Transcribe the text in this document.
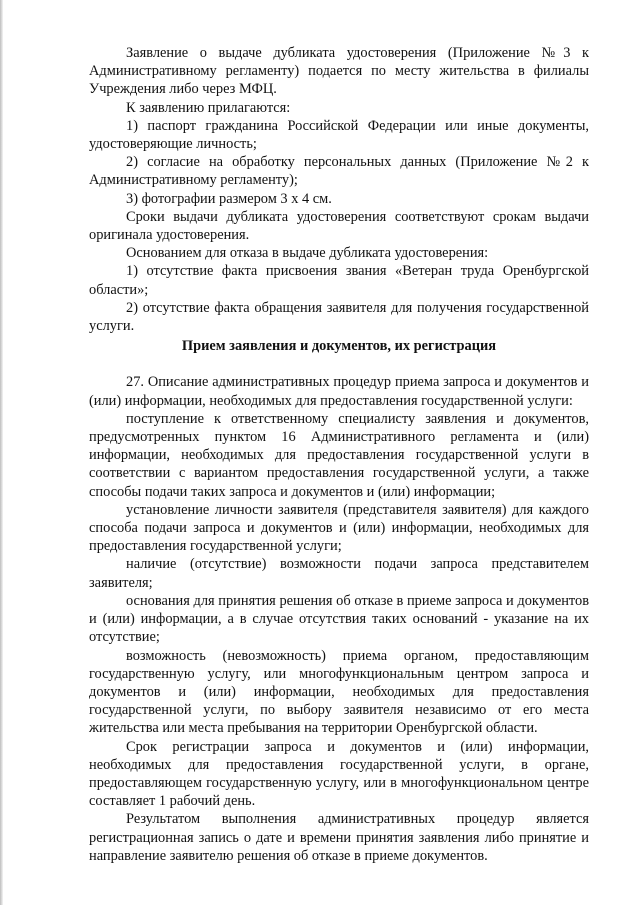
Заявление о выдаче дубликата удостоверения (Приложение №3 к Административному регламенту) подается по месту жительства в филиалы Учреждения либо через МФЦ.

К заявлению прилагаются:

1) паспорт гражданина Российской Федерации или иные документы, удостоверяющие личность;

2) согласие на обработку персональных данных (Приложение №2 к Административному регламенту);

3) фотографии размером 3 х 4 см.

Сроки выдачи дубликата удостоверения соответствуют срокам выдачи оригинала удостоверения.

Основанием для отказа в выдаче дубликата удостоверения:

1) отсутствие факта присвоения звания «Ветеран труда Оренбургской области»;

2) отсутствие факта обращения заявителя для получения государственной услуги.

Прием заявления и документов, их регистрация

27. Описание административных процедур приема запроса и документов и (или) информации, необходимых для предоставления государственной услуги:

поступление к ответственному специалисту заявления и документов, предусмотренных пунктом 16 Административного регламента и (или) информации, необходимых для предоставления государственной услуги в соответствии с вариантом предоставления государственной услуги, а также способы подачи таких запроса и документов и (или) информации;

установление личности заявителя (представителя заявителя) для каждого способа подачи запроса и документов и (или) информации, необходимых для предоставления государственной услуги;

наличие (отсутствие) возможности подачи запроса представителем заявителя;

основания для принятия решения об отказе в приеме запроса и документов и (или) информации, а в случае отсутствия таких оснований - указание на их отсутствие;

возможность (невозможность) приема органом, предоставляющим государственную услугу, или многофункциональным центром запроса и документов и (или) информации, необходимых для предоставления государственной услуги, по выбору заявителя независимо от его места жительства или места пребывания на территории Оренбургской области.

Срок регистрации запроса и документов и (или) информации, необходимых для предоставления государственной услуги, в органе, предоставляющем государственную услугу, или в многофункциональном центре составляет 1 рабочий день.

Результатом выполнения административных процедур является регистрационная запись о дате и времени принятия заявления либо принятие и направление заявителю решения об отказе в приеме документов.
